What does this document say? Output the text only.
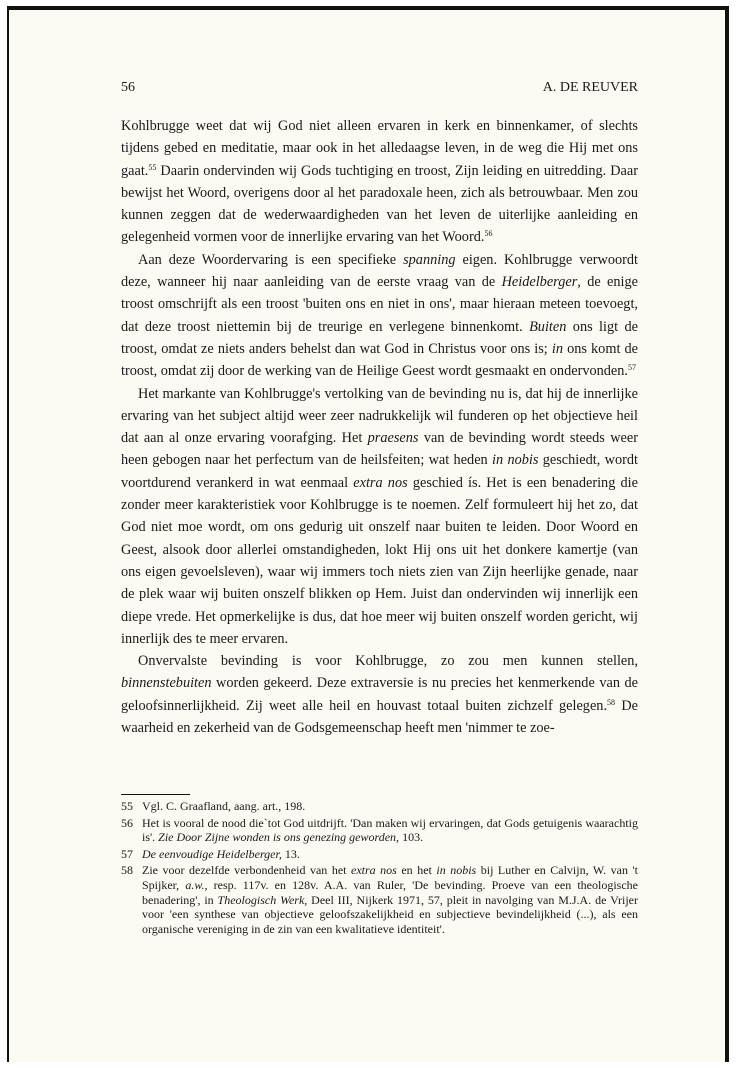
56	A. DE REUVER

Kohlbrugge weet dat wij God niet alleen ervaren in kerk en binnenkamer, of slechts tijdens gebed en meditatie, maar ook in het alledaagse leven, in de weg die Hij met ons gaat.$^{55}$ Daarin ondervinden wij Gods tuchtiging en troost, Zijn leiding en uitredding. Daar bewijst het Woord, overigens door al het paradoxale heen, zich als betrouwbaar. Men zou kunnen zeggen dat de wederwaardigheden van het leven de uiterlijke aanleiding en gelegenheid vormen voor de innerlijke ervaring van het Woord.$^{56}$

Aan deze Woordervaring is een specifieke spanning eigen. Kohlbrugge verwoordt deze, wanneer hij naar aanleiding van de eerste vraag van de Heidelberger, de enige troost omschrijft als een troost 'buiten ons en niet in ons', maar hieraan meteen toevoegt, dat deze troost niettemin bij de treurige en verlegene binnenkomt. Buiten ons ligt de troost, omdat ze niets anders behelst dan wat God in Christus voor ons is; in ons komt de troost, omdat zij door de werking van de Heilige Geest wordt gesmaakt en ondervonden.$^{57}$

Het markante van Kohlbrugge's vertolking van de bevinding nu is, dat hij de innerlijke ervaring van het subject altijd weer zeer nadrukkelijk wil funderen op het objectieve heil dat aan al onze ervaring voorafging. Het praesens van de bevinding wordt steeds weer heen gebogen naar het perfectum van de heilsfeiten; wat heden in nobis geschiedt, wordt voortdurend verankerd in wat eenmaal extra nos geschied ís. Het is een benadering die zonder meer karakteristiek voor Kohlbrugge is te noemen. Zelf formuleert hij het zo, dat God niet moe wordt, om ons gedurig uit onszelf naar buiten te leiden. Door Woord en Geest, alsook door allerlei omstandigheden, lokt Hij ons uit het donkere kamertje (van ons eigen gevoelsleven), waar wij immers toch niets zien van Zijn heerlijke genade, naar de plek waar wij buiten onszelf blikken op Hem. Juist dan ondervinden wij innerlijk een diepe vrede. Het opmerkelijke is dus, dat hoe meer wij buiten onszelf worden gericht, wij innerlijk des te meer ervaren.

Onvervalste bevinding is voor Kohlbrugge, zo zou men kunnen stellen, binnenstebuiten worden gekeerd. Deze extraversie is nu precies het kenmerkende van de geloofsinnerlijkheid. Zij weet alle heil en houvast totaal buiten zichzelf gelegen.$^{58}$ De waarheid en zekerheid van de Godsgemeenschap heeft men 'nimmer te zoe-

55 Vgl. C. Graafland, aang. art., 198.
56 Het is vooral de nood die`tot God uitdrijft. 'Dan maken wij ervaringen, dat Gods getuigenis waarachtig is'. Zie Door Zijne wonden is ons genezing geworden, 103.
57 De eenvoudige Heidelberger, 13.
58 Zie voor dezelfde verbondenheid van het extra nos en het in nobis bij Luther en Calvijn, W. van 't Spijker, a.w., resp. 117v. en 128v. A.A. van Ruler, 'De bevinding. Proeve van een theologische benadering', in Theologisch Werk, Deel III, Nijkerk 1971, 57, pleit in navolging van M.J.A. de Vrijer voor 'een synthese van objectieve geloofszakelijkheid en subjectieve bevindelijkheid (...), als een organische vereniging in de zin van een kwalitatieve identiteit'.
